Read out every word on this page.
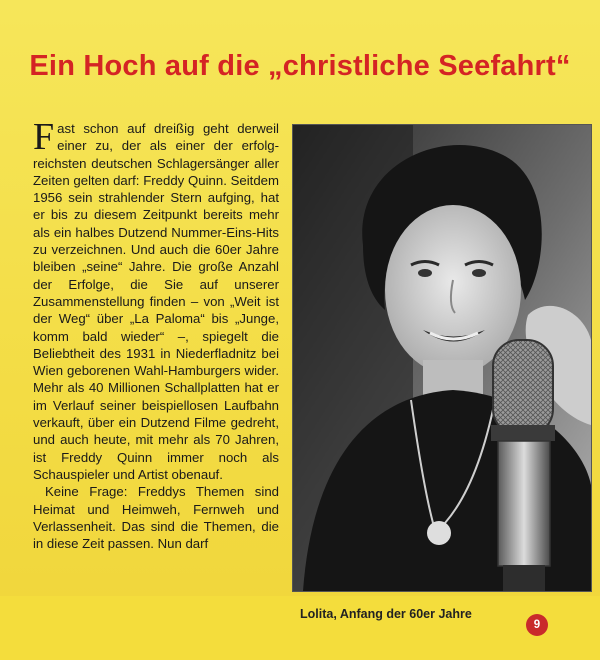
Ein Hoch auf die „christliche Seefahrt“

Fast schon auf dreißig geht derweil einer zu, der als einer der erfolgreichsten deutschen Schlagersänger aller Zeiten gelten darf: Freddy Quinn. Seitdem 1956 sein strahlender Stern aufging, hat er bis zu diesem Zeitpunkt bereits mehr als ein halbes Dutzend Nummer-Eins-Hits zu verzeichnen. Und auch die 60er Jahre bleiben „seine“ Jahre. Die große Anzahl der Erfolge, die Sie auf unserer Zusammenstellung finden – von „Weit ist der Weg“ über „La Paloma“ bis „Junge, komm bald wieder“ –, spiegelt die Beliebtheit des 1931 in Niederfladnitz bei Wien geborenen Wahl-Hamburgers wider. Mehr als 40 Millionen Schallplatten hat er im Verlauf seiner beispiellosen Laufbahn verkauft, über ein Dutzend Filme gedreht, und auch heute, mit mehr als 70 Jahren, ist Freddy Quinn immer noch als Schauspieler und Artist obenauf.

Keine Frage: Freddys Themen sind Heimat und Heimweh, Fernweh und Verlassenheit. Das sind die Themen, die in diese Zeit passen. Nun darf

Lolita, Anfang der 60er Jahre
9
